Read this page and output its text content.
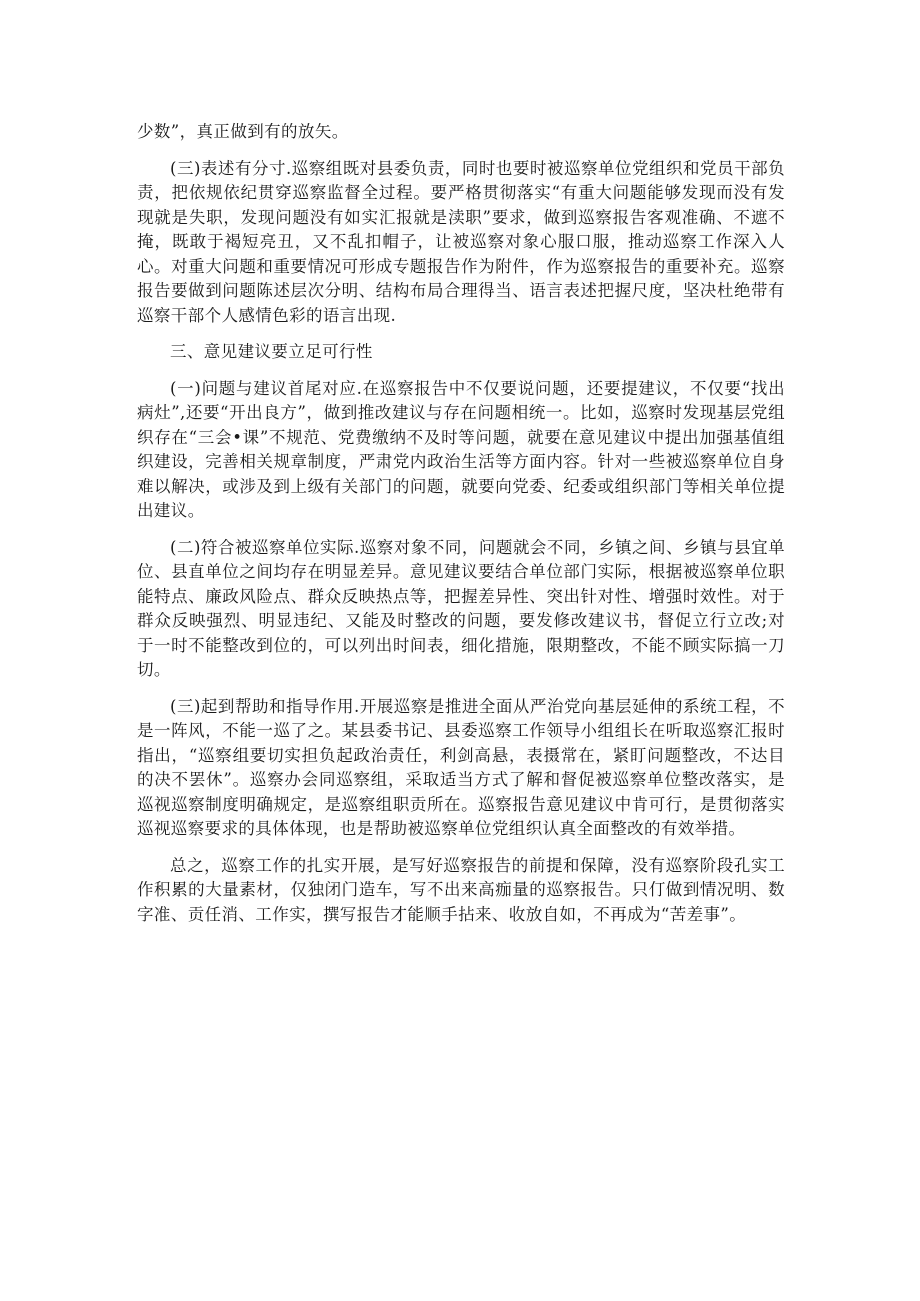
少数”，真正做到有的放矢。

(三)表述有分寸.巡察组既对县委负责，同时也要时被巡察单位党组织和党员干部负责，把依规依纪贯穿巡察监督全过程。要严格贯彻落实“有重大问题能够发现而没有发现就是失职，发现问题没有如实汇报就是渎职”要求，做到巡察报告客观准确、不遮不掩，既敢于褐短亮丑，又不乱扣帽子，让被巡察对象心服口服，推动巡察工作深入人心。对重大问题和重要情况可形成专题报告作为附件，作为巡察报告的重要补充。巡察报告要做到问题陈述层次分明、结构布局合理得当、语言表述把握尺度，坚决杜绝带有巡察干部个人感情色彩的语言出现.

三、意见建议要立足可行性

(一)问题与建议首尾对应.在巡察报告中不仅要说问题，还要提建议，不仅要“找出病灶”,还要“开出良方”，做到推改建议与存在问题相统一。比如，巡察时发现基层党组织存在“三会•课”不规范、党费缴纳不及时等问题，就要在意见建议中提出加强基值组织建设，完善相关规章制度，严肃党内政治生活等方面内容。针对一些被巡察单位自身难以解决，或涉及到上级有关部门的问题，就要向党委、纪委或组织部门等相关单位提出建议。

(二)符合被巡察单位实际.巡察对象不同，问题就会不同，乡镇之间、乡镇与县宜单位、县直单位之间均存在明显差异。意见建议要结合单位部门实际，根据被巡察单位职能特点、廉政风险点、群众反映热点等，把握差异性、突出针对性、增强时效性。对于群众反映强烈、明显违纪、又能及时整改的问题，要发修改建议书，督促立行立改;对于一时不能整改到位的，可以列出时间表，细化措施，限期整改，不能不顾实际搞一刀切。

(三)起到帮助和指导作用.开展巡察是推进全面从严治党向基层延伸的系统工程，不是一阵风，不能一巡了之。某县委书记、县委巡察工作领导小组组长在听取巡察汇报时指出，“巡察组要切实担负起政治责任，利剑高悬，表摄常在，紧盯问题整改，不达目的决不罢休”。巡察办会同巡察组，采取适当方式了解和督促被巡察单位整改落实，是巡视巡察制度明确规定，是巡察组职贡所在。巡察报告意见建议中肯可行，是贯彻落实巡视巡察要求的具体体现，也是帮助被巡察单位党组织认真全面整改的有效举措。

总之，巡察工作的扎实开展，是写好巡察报告的前提和保障，没有巡察阶段孔实工作积累的大量素材，仅独闭门造车，写不出来高痂量的巡察报告。只仃做到情况明、数字准、贡任消、工作实，撰写报告才能顺手拈来、收放自如，不再成为“苦差事”。
